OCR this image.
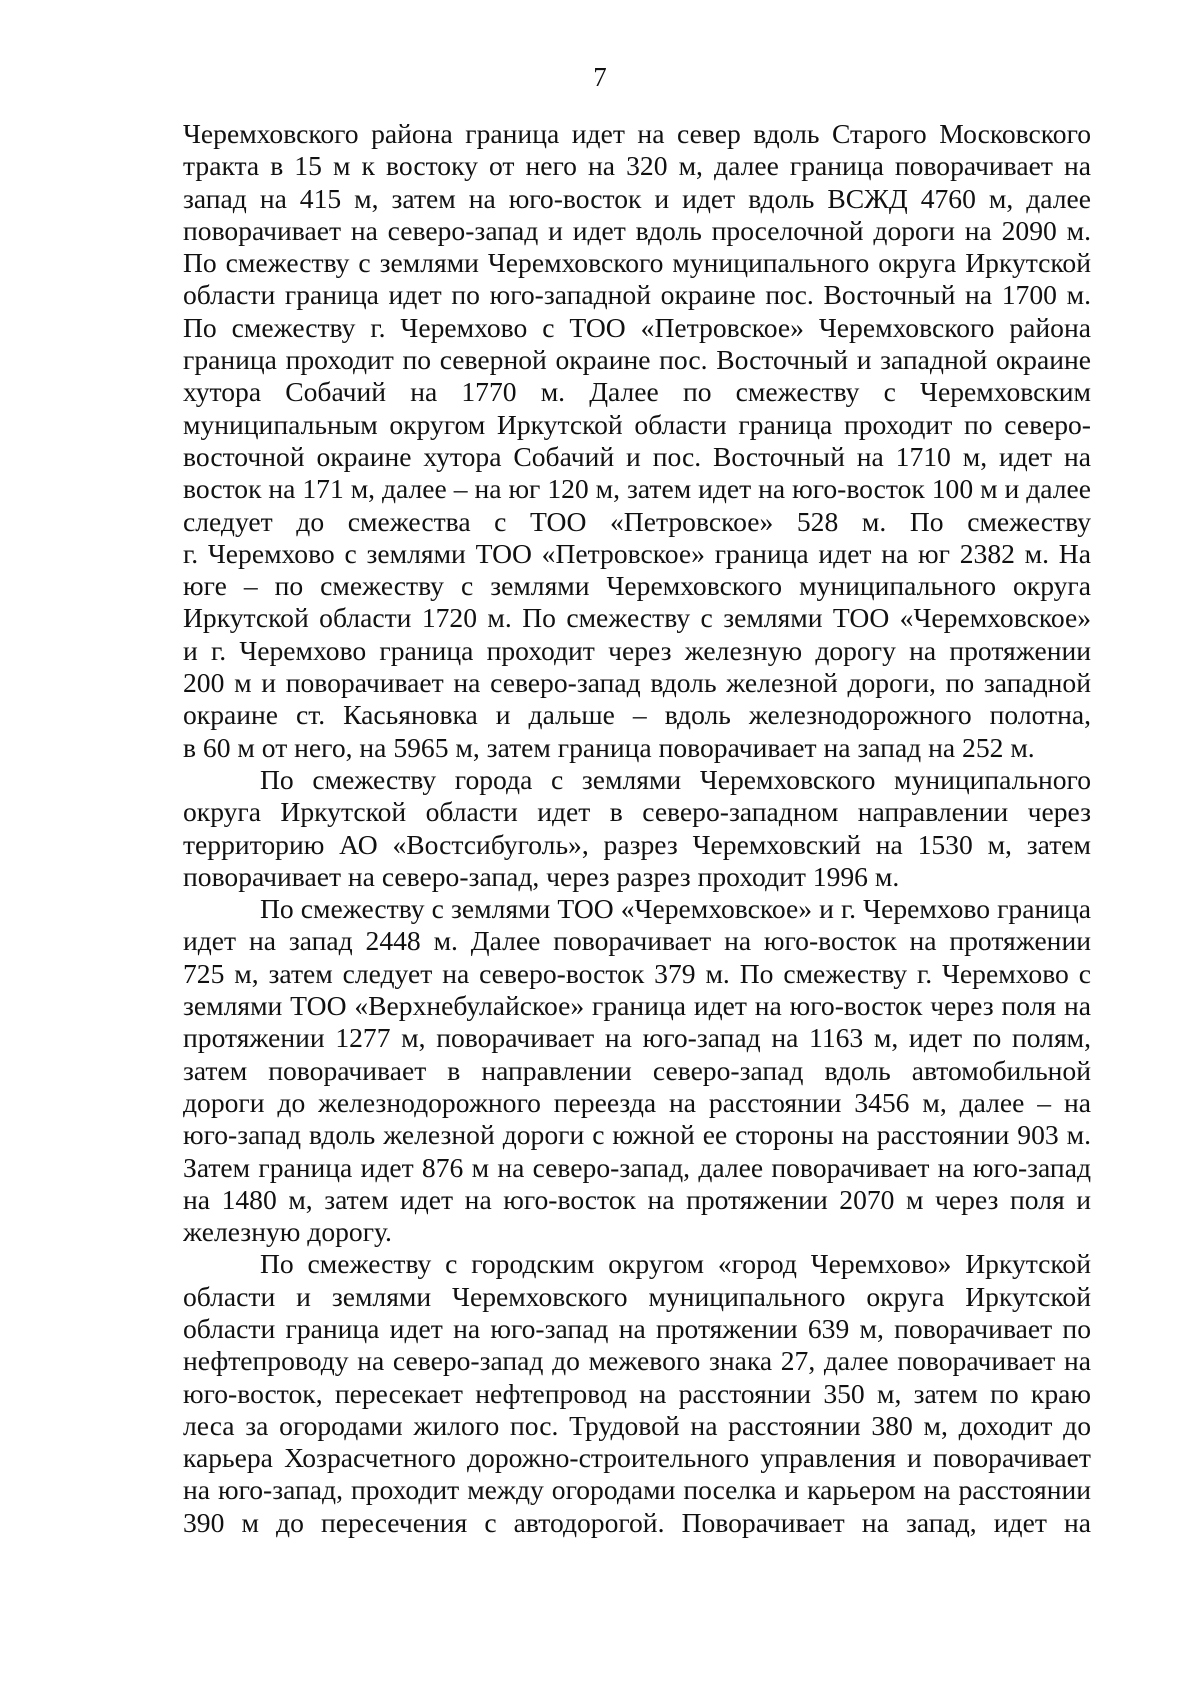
7
Черемховского района граница идет на север вдоль Старого Московского
тракта в 15 м к востоку от него на 320 м, далее граница поворачивает на
запад на 415 м, затем на юго-восток и идет вдоль ВСЖД 4760 м, далее
поворачивает на северо-запад и идет вдоль проселочной дороги на 2090 м.
По смежеству с землями Черемховского муниципального округа Иркутской
области граница идет по юго-западной окраине пос. Восточный на 1700 м.
По смежеству г. Черемхово с ТОО «Петровское» Черемховского района
граница проходит по северной окраине пос. Восточный и западной окраине
хутора Собачий на 1770 м. Далее по смежеству с Черемховским
муниципальным округом Иркутской области граница проходит по северо-
восточной окраине хутора Собачий и пос. Восточный на 1710 м, идет на
восток на 171 м, далее – на юг 120 м, затем идет на юго-восток 100 м и далее
следует до смежества с ТОО «Петровское» 528 м. По смежеству
г. Черемхово с землями ТОО «Петровское» граница идет на юг 2382 м. На
юге – по смежеству с землями Черемховского муниципального округа
Иркутской области 1720 м. По смежеству с землями ТОО «Черемховское»
и г. Черемхово граница проходит через железную дорогу на протяжении
200 м и поворачивает на северо-запад вдоль железной дороги, по западной
окраине ст. Касьяновка и дальше – вдоль железнодорожного полотна,
в 60 м от него, на 5965 м, затем граница поворачивает на запад на 252 м.
По смежеству города с землями Черемховского муниципального
округа Иркутской области идет в северо-западном направлении через
территорию АО «Востсибуголь», разрез Черемховский на 1530 м, затем
поворачивает на северо-запад, через разрез проходит 1996 м.
По смежеству с землями ТОО «Черемховское» и г. Черемхово граница
идет на запад 2448 м. Далее поворачивает на юго-восток на протяжении
725 м, затем следует на северо-восток 379 м. По смежеству г. Черемхово с
землями ТОО «Верхнебулайское» граница идет на юго-восток через поля на
протяжении 1277 м, поворачивает на юго-запад на 1163 м, идет по полям,
затем поворачивает в направлении северо-запад вдоль автомобильной
дороги до железнодорожного переезда на расстоянии 3456 м, далее – на
юго-запад вдоль железной дороги с южной ее стороны на расстоянии 903 м.
Затем граница идет 876 м на северо-запад, далее поворачивает на юго-запад
на 1480 м, затем идет на юго-восток на протяжении 2070 м через поля и
железную дорогу.
По смежеству с городским округом «город Черемхово» Иркутской
области и землями Черемховского муниципального округа Иркутской
области граница идет на юго-запад на протяжении 639 м, поворачивает по
нефтепроводу на северо-запад до межевого знака 27, далее поворачивает на
юго-восток, пересекает нефтепровод на расстоянии 350 м, затем по краю
леса за огородами жилого пос. Трудовой на расстоянии 380 м, доходит до
карьера Хозрасчетного дорожно-строительного управления и поворачивает
на юго-запад, проходит между огородами поселка и карьером на расстоянии
390 м до пересечения с автодорогой. Поворачивает на запад, идет на
